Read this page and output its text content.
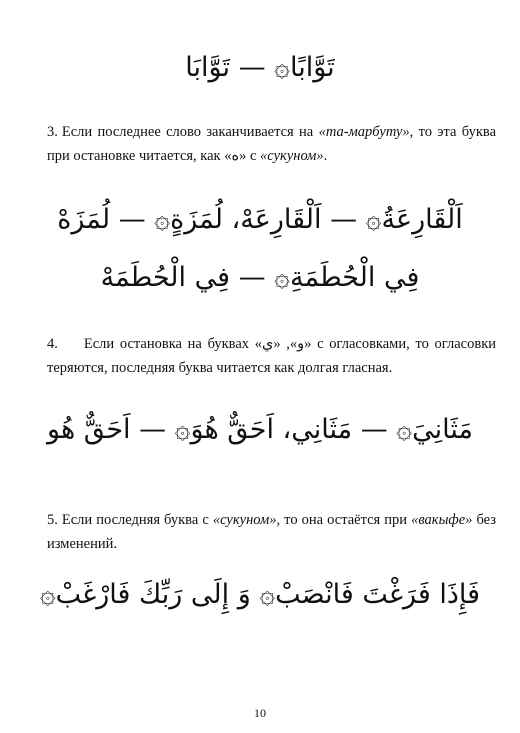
تَوَّابًا۞ — تَوَّابَا
3. Если последнее слово заканчивается на «та-марбуту», то эта буква при остановке читается, как «ه» с «сукуном».
اَلْقَارِعَةُ۞ — اَلْقَارِعَهْ، لُمَزَةٍ۞ — لُمَزَهْ
فِي الْحُطَمَةِ۞ — فِي الْحُطَمَهْ
4. Если остановка на буквах «و», «ي» с огласовками, то огласовки теряются, последняя буква читается как долгая гласная.
مَثَانِيَ۞ — مَثَانِي، اَحَقٌّ هُوَ۞ — اَحَقٌّ هُو
5. Если последняя буква с «сукуном», то она остаётся при «вакыфе» без изменений.
فَإِذَا فَرَغْتَ فَانْصَبْ۞ وَ إِلَى رَبِّكَ فَارْغَبْ۞
10
